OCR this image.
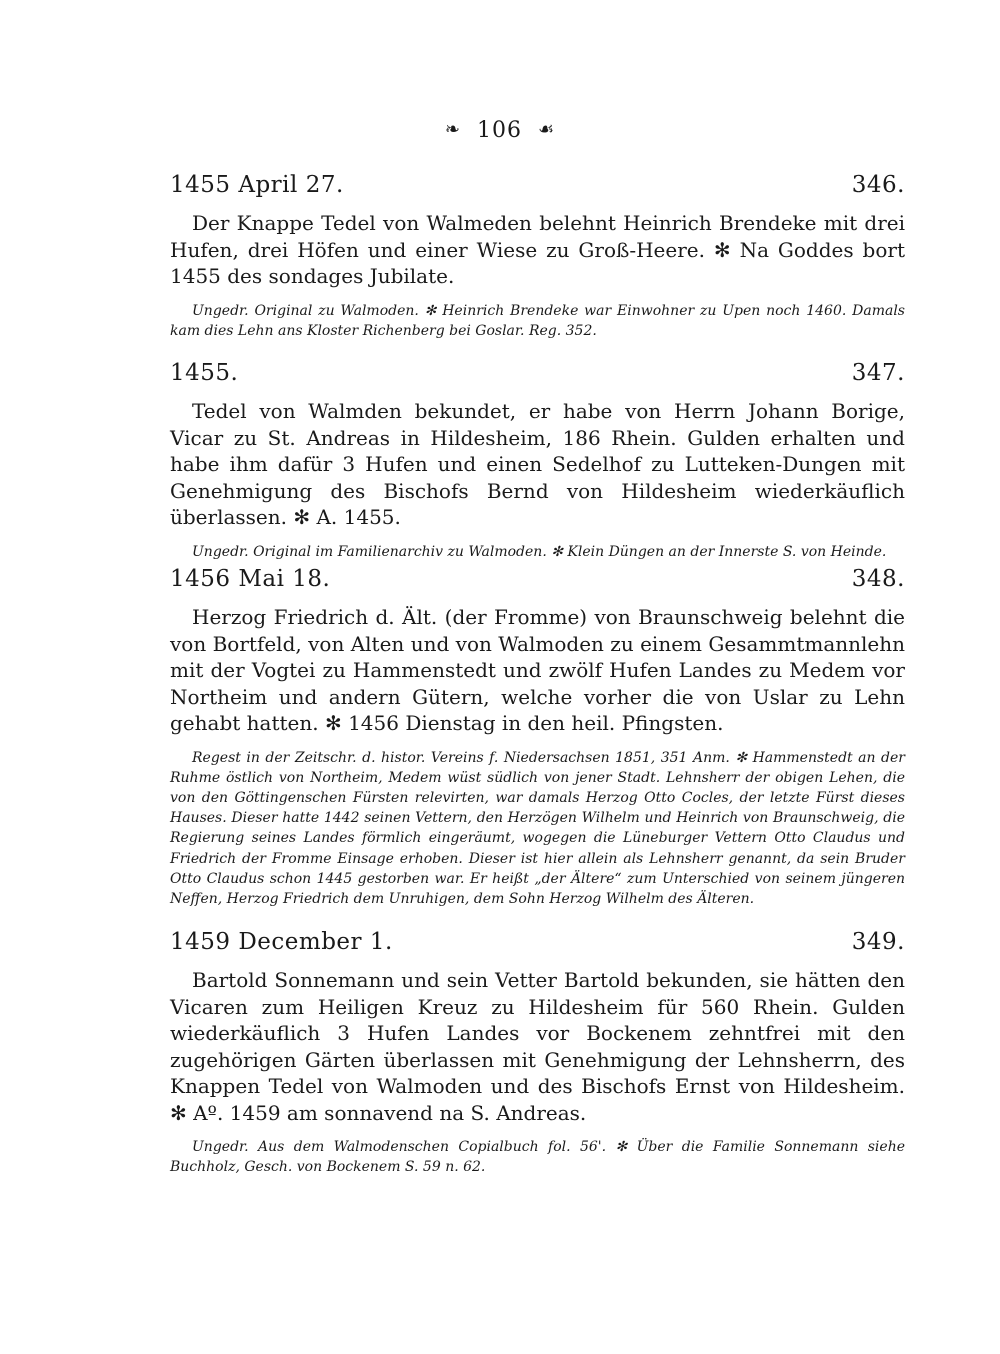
❧ 106 ☙
1455 April 27.	346.

Der Knappe Tedel von Walmeden belehnt Heinrich Brendeke mit drei Hufen, drei Höfen und einer Wiese zu Groß-Heere. ✻ Na Goddes bort 1455 des sondages Jubilate.

Ungedr. Original zu Walmoden. ✻ Heinrich Brendeke war Einwohner zu Upen noch 1460. Damals kam dies Lehn ans Kloster Richenberg bei Goslar. Reg. 352.

1455.	347.

Tedel von Walmden bekundet, er habe von Herrn Johann Borige, Vicar zu St. Andreas in Hildesheim, 186 Rhein. Gulden erhalten und habe ihm dafür 3 Hufen und einen Sedelhof zu Lutteken-Dungen mit Genehmigung des Bischofs Bernd von Hildesheim wiederkäuflich überlassen. ✻ A. 1455.

Ungedr. Original im Familienarchiv zu Walmoden. ✻ Klein Düngen an der Innerste S. von Heinde.

1456 Mai 18.	348.

Herzog Friedrich d. Ält. (der Fromme) von Braunschweig belehnt die von Bortfeld, von Alten und von Walmoden zu einem Gesammtmannlehn mit der Vogtei zu Hammenstedt und zwölf Hufen Landes zu Medem vor Northeim und andern Gütern, welche vorher die von Uslar zu Lehn gehabt hatten. ✻ 1456 Dienstag in den heil. Pfingsten.

Regest in der Zeitschr. d. histor. Vereins f. Niedersachsen 1851, 351 Anm. ✻ Hammenstedt an der Ruhme östlich von Northeim, Medem wüst südlich von jener Stadt. Lehnsherr der obigen Lehen, die von den Göttingenschen Fürsten relevirten, war damals Herzog Otto Cocles, der letzte Fürst dieses Hauses. Dieser hatte 1442 seinen Vettern, den Herzögen Wilhelm und Heinrich von Braunschweig, die Regierung seines Landes förmlich eingeräumt, wogegen die Lüneburger Vettern Otto Claudus und Friedrich der Fromme Einsage erhoben. Dieser ist hier allein als Lehnsherr genannt, da sein Bruder Otto Claudus schon 1445 gestorben war. Er heißt „der Ältere“ zum Unterschied von seinem jüngeren Neffen, Herzog Friedrich dem Unruhigen, dem Sohn Herzog Wilhelm des Älteren.

1459 December 1.	349.

Bartold Sonnemann und sein Vetter Bartold bekunden, sie hätten den Vicaren zum Heiligen Kreuz zu Hildesheim für 560 Rhein. Gulden wiederkäuflich 3 Hufen Landes vor Bockenem zehntfrei mit den zugehörigen Gärten überlassen mit Genehmigung der Lehnsherrn, des Knappen Tedel von Walmoden und des Bischofs Ernst von Hildesheim. ✻ Aº. 1459 am sonnavend na S. Andreas.

Ungedr. Aus dem Walmodenschen Copialbuch fol. 56'. ✻ Über die Familie Sonnemann siehe Buchholz, Gesch. von Bockenem S. 59 n. 62.
